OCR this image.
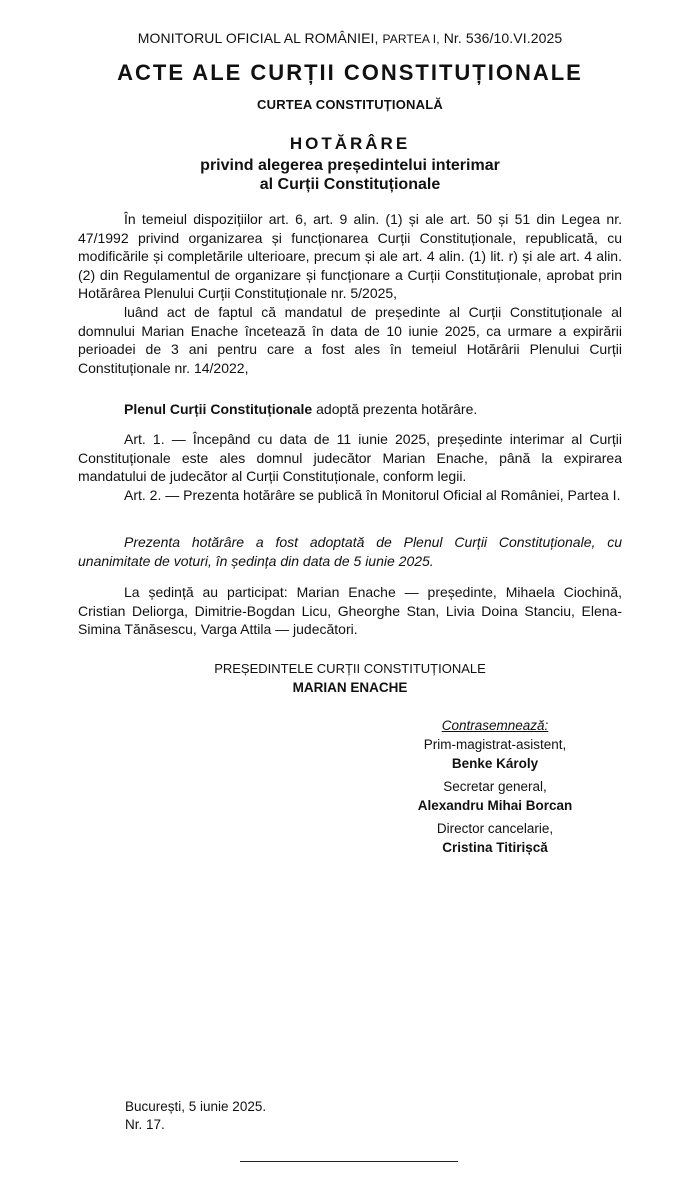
MONITORUL OFICIAL AL ROMÂNIEI, PARTEA I, Nr. 536/10.VI.2025
ACTE ALE CURȚII CONSTITUȚIONALE
CURTEA CONSTITUȚIONALĂ
HOTĂRÂRE
privind alegerea președintelui interimar
al Curții Constituționale

În temeiul dispozițiilor art. 6, art. 9 alin. (1) și ale art. 50 și 51 din Legea nr. 47/1992 privind organizarea și funcționarea Curții Constituționale, republicată, cu modificările și completările ulterioare, precum și ale art. 4 alin. (1) lit. r) și ale art. 4 alin. (2) din Regulamentul de organizare și funcționare a Curții Constituționale, aprobat prin Hotărârea Plenului Curții Constituționale nr. 5/2025,

luând act de faptul că mandatul de președinte al Curții Constituționale al domnului Marian Enache încetează în data de 10 iunie 2025, ca urmare a expirării perioadei de 3 ani pentru care a fost ales în temeiul Hotărârii Plenului Curții Constituționale nr. 14/2022,

Plenul Curții Constituționale adoptă prezenta hotărâre.

Art. 1. — Începând cu data de 11 iunie 2025, președinte interimar al Curții Constituționale este ales domnul judecător Marian Enache, până la expirarea mandatului de judecător al Curții Constituționale, conform legii.

Art. 2. — Prezenta hotărâre se publică în Monitorul Oficial al României, Partea I.

Prezenta hotărâre a fost adoptată de Plenul Curții Constituționale, cu unanimitate de voturi, în ședința din data de 5 iunie 2025.

La ședință au participat: Marian Enache — președinte, Mihaela Ciochină, Cristian Deliorga, Dimitrie-Bogdan Licu, Gheorghe Stan, Livia Doina Stanciu, Elena-Simina Tănăsescu, Varga Attila — judecători.

PREȘEDINTELE CURȚII CONSTITUȚIONALE
MARIAN ENACHE
Contrasemnează:
Prim-magistrat-asistent,
Benke Károly
Secretar general,
Alexandru Mihai Borcan
Director cancelarie,
Cristina Titirișcă
București, 5 iunie 2025.
Nr. 17.
